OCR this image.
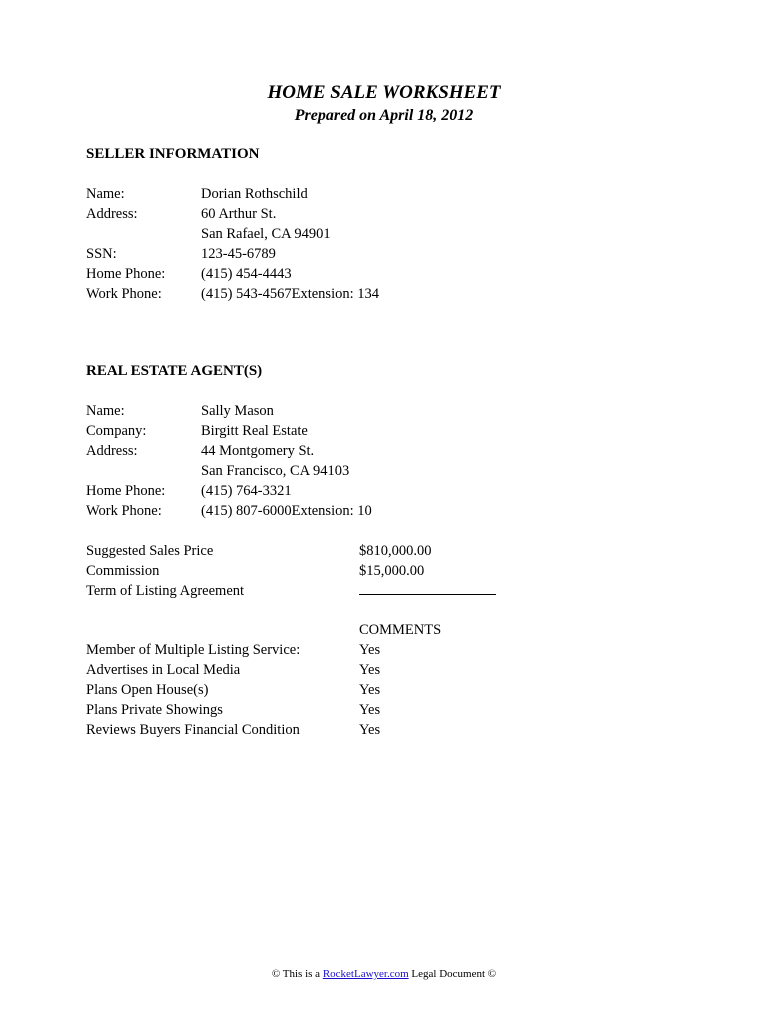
HOME SALE WORKSHEET
Prepared on April 18, 2012
SELLER INFORMATION
Name:	Dorian Rothschild
Address:	60 Arthur St.
San Rafael, CA 94901
SSN:	123-45-6789
Home Phone: (415) 454-4443
Work Phone:	(415) 543-4567Extension: 134
REAL ESTATE AGENT(S)
Name:	Sally Mason
Company:	Birgitt Real Estate
Address:	44 Montgomery St.
San Francisco, CA 94103
Home Phone: (415) 764-3321
Work Phone:	(415) 807-6000Extension: 10
Suggested Sales Price	$810,000.00
Commission	$15,000.00
Term of Listing Agreement
COMMENTS
Member of Multiple Listing Service:	Yes
Advertises in Local Media	Yes
Plans Open House(s)	Yes
Plans Private Showings	Yes
Reviews Buyers Financial Condition	Yes
© This is a RocketLawyer.com Legal Document ©
